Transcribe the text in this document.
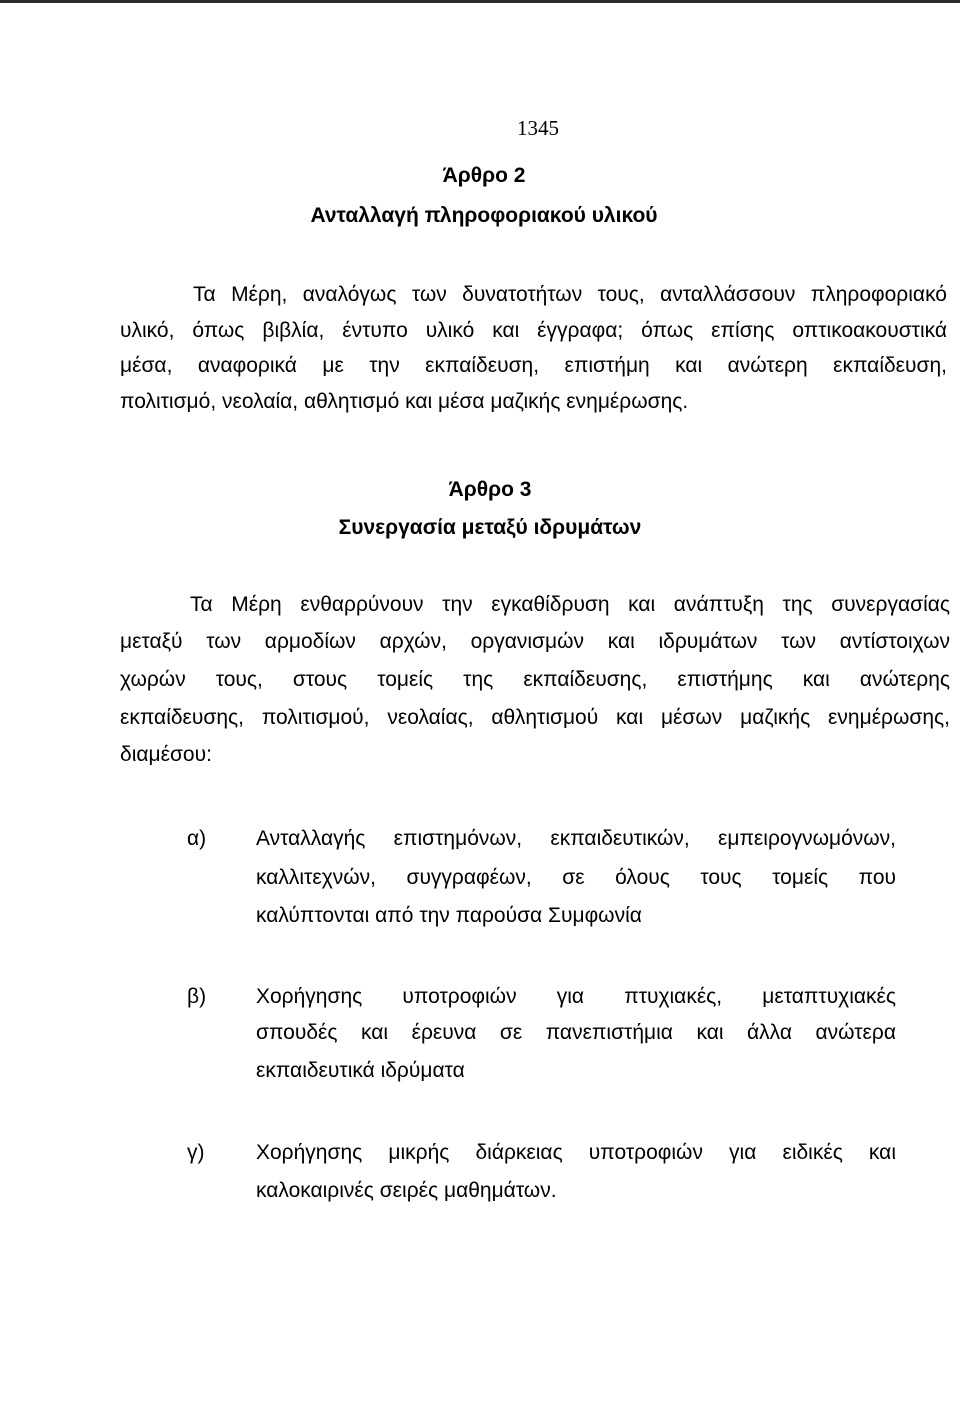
1345
Άρθρο 2
Ανταλλαγή πληροφοριακού υλικού
Τα Μέρη, αναλόγως των δυνατοτήτων τους, ανταλλάσσουν πληροφοριακό
υλικό, όπως βιβλία, έντυπο υλικό και έγγραφα; όπως επίσης οπτικοακουστικά
μέσα, αναφορικά με την εκπαίδευση, επιστήμη και ανώτερη εκπαίδευση,
πολιτισμό, νεολαία, αθλητισμό και μέσα μαζικής ενημέρωσης.
Άρθρο 3
Συνεργασία μεταξύ ιδρυμάτων
Τα Μέρη ενθαρρύνουν την εγκαθίδρυση και ανάπτυξη της συνεργασίας
μεταξύ των αρμοδίων αρχών, οργανισμών και ιδρυμάτων των αντίστοιχων
χωρών τους, στους τομείς της εκπαίδευσης, επιστήμης και ανώτερης
εκπαίδευσης, πολιτισμού, νεολαίας, αθλητισμού και μέσων μαζικής ενημέρωσης,
διαμέσου:
α) Ανταλλαγής επιστημόνων, εκπαιδευτικών, εμπειρογνωμόνων,
καλλιτεχνών, συγγραφέων, σε όλους τους τομείς που
καλύπτονται από την παρούσα Συμφωνία
β) Χορήγησης υποτροφιών για πτυχιακές, μεταπτυχιακές
σπουδές και έρευνα σε πανεπιστήμια και άλλα ανώτερα
εκπαιδευτικά ιδρύματα
γ) Χορήγησης μικρής διάρκειας υποτροφιών για ειδικές και
καλοκαιρινές σειρές μαθημάτων.
